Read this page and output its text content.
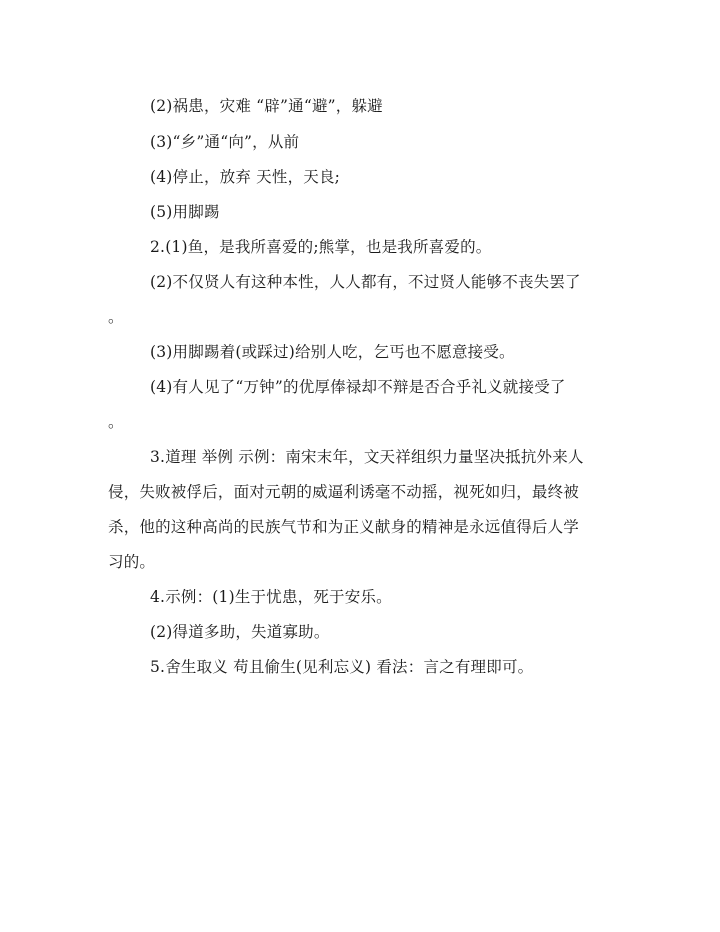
(2)祸患，灾难 “辟”通“避”，躲避
(3)“乡”通“向”，从前
(4)停止，放弃 天性，天良;
(5)用脚踢
2.(1)鱼，是我所喜爱的;熊掌，也是我所喜爱的。
(2)不仅贤人有这种本性，人人都有，不过贤人能够不丧失罢了
。
(3)用脚踢着(或踩过)给别人吃，乞丐也不愿意接受。
(4)有人见了“万钟”的优厚俸禄却不辩是否合乎礼义就接受了
。
3.道理 举例 示例：南宋末年，文天祥组织力量坚决抵抗外来人
侵，失败被俘后，面对元朝的威逼利诱毫不动摇，视死如归，最终被
杀，他的这种高尚的民族气节和为正义献身的精神是永远值得后人学
习的。
4.示例：(1)生于忧患，死于安乐。
(2)得道多助，失道寡助。
5.舍生取义 苟且偷生(见利忘义) 看法：言之有理即可。
